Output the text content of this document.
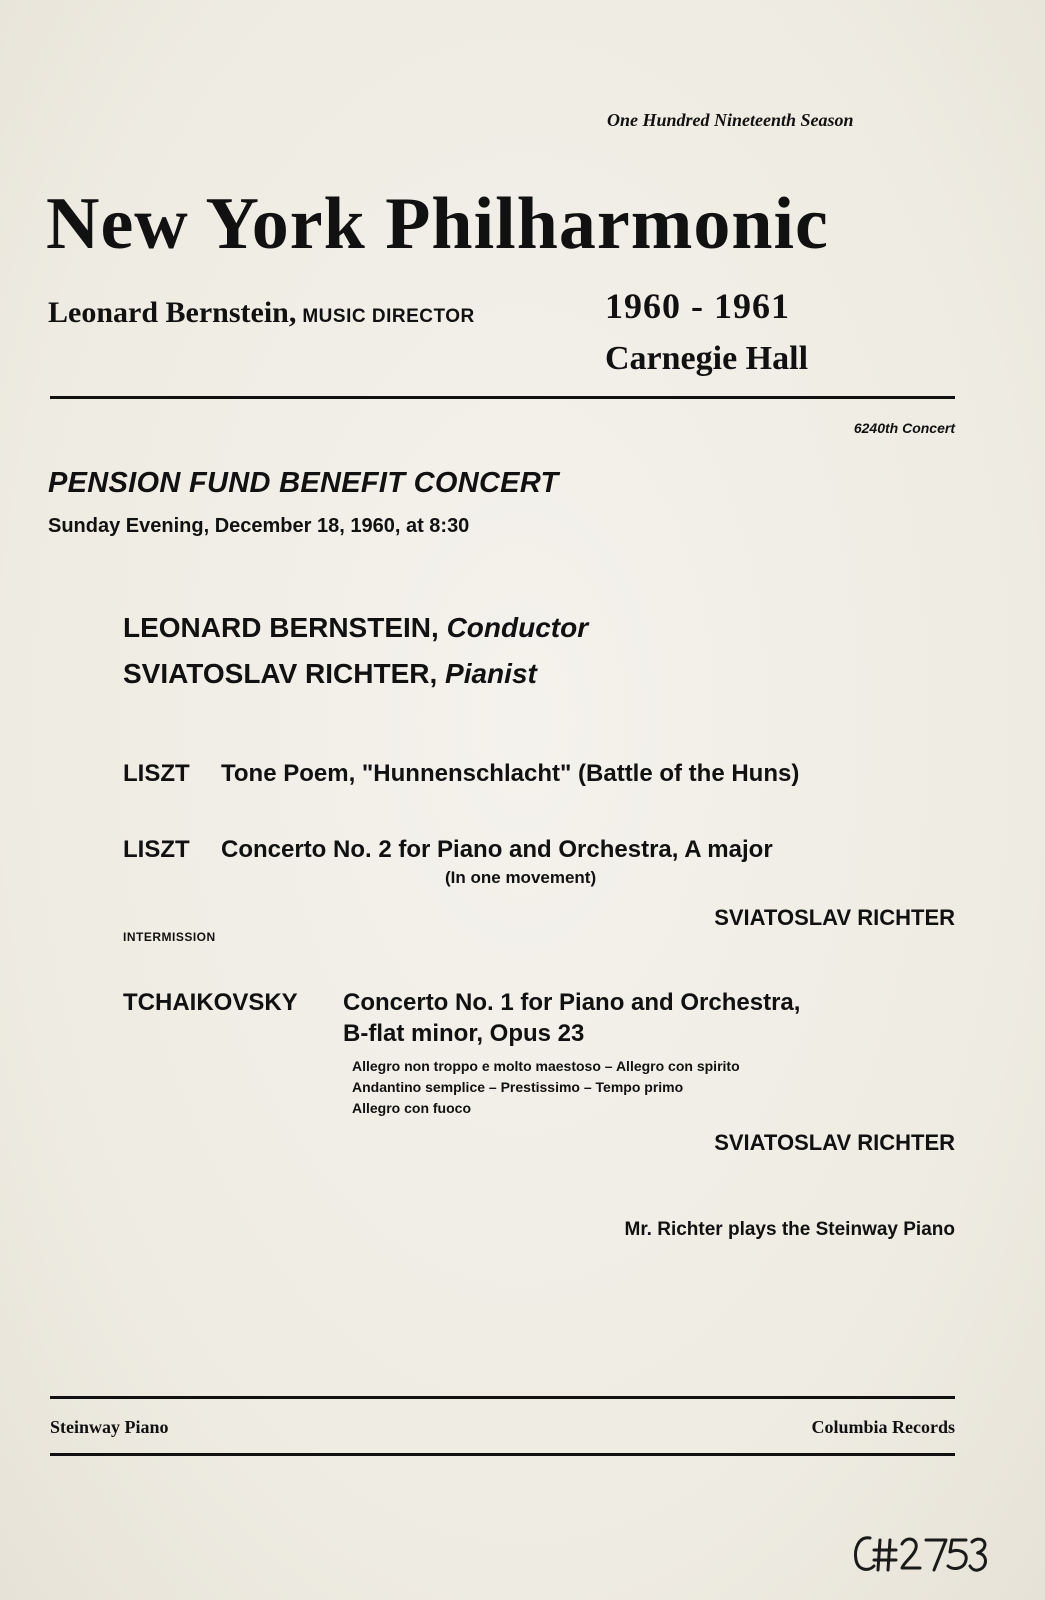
One Hundred Nineteenth Season
New York Philharmonic
Leonard Bernstein, MUSIC DIRECTOR	1960 - 1961
Carnegie Hall
6240th Concert
PENSION FUND BENEFIT CONCERT
Sunday Evening, December 18, 1960, at 8:30
LEONARD BERNSTEIN, Conductor
SVIATOSLAV RICHTER, Pianist
LISZT Tone Poem, "Hunnenschlacht" (Battle of the Huns)
LISZT Concerto No. 2 for Piano and Orchestra, A major
(In one movement)
SVIATOSLAV RICHTER
INTERMISSION
TCHAIKOVSKY Concerto No. 1 for Piano and Orchestra,
B-flat minor, Opus 23
Allegro non troppo e molto maestoso – Allegro con spirito
Andantino semplice – Prestissimo – Tempo primo
Allegro con fuoco
SVIATOSLAV RICHTER
Mr. Richter plays the Steinway Piano
Steinway Piano	Columbia Records
